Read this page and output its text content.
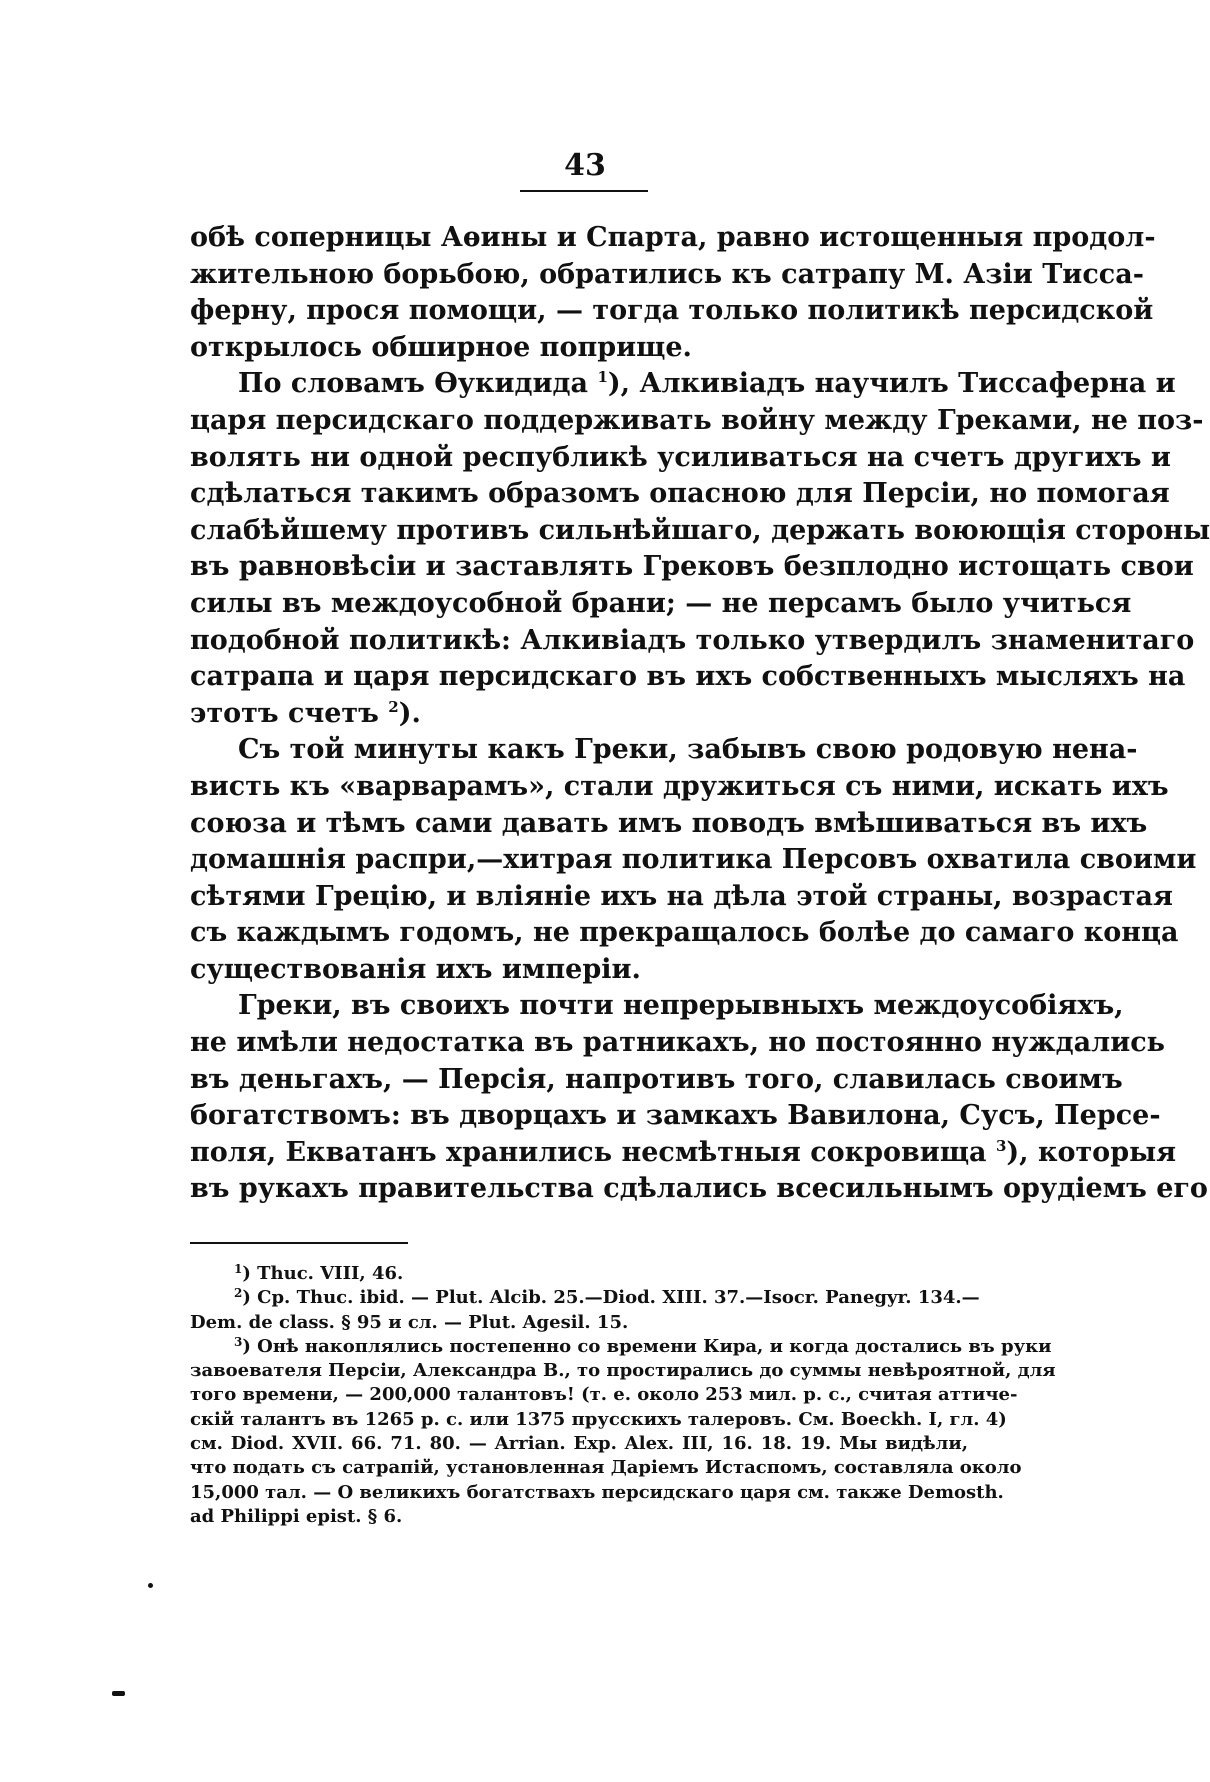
43
обѣ соперницы Аѳины и Спарта, равно истощенныя продол-
жительною борьбою, обратились къ сатрапу М. Азіи Тисса-
ферну, прося помощи, — тогда только политикѣ персидской
открылось обширное поприще.
По словамъ Ѳукидида $^1$), Алкивіадъ научилъ Тиссаферна и
царя персидскаго поддерживать войну между Греками, не поз-
волять ни одной республикѣ усиливаться на счетъ другихъ и
сдѣлаться такимъ образомъ опасною для Персіи, но помогая
слабѣйшему противъ сильнѣйшаго, держать воюющія стороны
въ равновѣсіи и заставлять Грековъ безплодно истощать свои
силы въ междоусобной брани; — не персамъ было учиться
подобной политикѣ: Алкивіадъ только утвердилъ знаменитаго
сатрапа и царя персидскаго въ ихъ собственныхъ мысляхъ на
этотъ счетъ $^2$).
Съ той минуты какъ Греки, забывъ свою родовую нена-
висть къ «варварамъ», стали дружиться съ ними, искать ихъ
союза и тѣмъ сами давать имъ поводъ вмѣшиваться въ ихъ
домашнія распри,—хитрая политика Персовъ охватила своими
сѣтями Грецію, и вліяніе ихъ на дѣла этой страны, возрастая
съ каждымъ годомъ, не прекращалось болѣе до самаго конца
существованія ихъ имперіи.
Греки, въ своихъ почти непрерывныхъ междоусобіяхъ,
не имѣли недостатка въ ратникахъ, но постоянно нуждались
въ деньгахъ, — Персія, напротивъ того, славилась своимъ
богатствомъ: въ дворцахъ и замкахъ Вавилона, Сусъ, Персе-
поля, Екватанъ хранились несмѣтныя сокровища $^3$), которыя
въ рукахъ правительства сдѣлались всесильнымъ орудіемъ его
$^1$) Thuc. VIII, 46.
$^2$) Cp. Thuc. ibid. — Plut. Alcib. 25.—Diod. XIII. 37.—Isocr. Panegyr. 134.—
Dem. de class. § 95 и сл. — Plut. Agesil. 15.
$^3$) Онѣ накоплялись постепенно со времени Кира, и когда достались въ руки
завоевателя Персіи, Александра В., то простирались до суммы невѣроятной, для
того времени, — 200,000 талантовъ! (т. е. около 253 мил. р. с., считая аттиче-
скій талантъ въ 1265 р. с. или 1375 прусскихъ талеровъ. См. Boeckh. I, гл. 4)
см. Diod. XVII. 66. 71. 80. — Arrian. Exp. Alex. III, 16. 18. 19. Мы видѣли,
что подать съ сатрапій, установленная Даріемъ Истаспомъ, составляла около
15,000 тал. — О великихъ богатствахъ персидскаго царя см. также Demosth.
ad Philippi epist. § 6.
